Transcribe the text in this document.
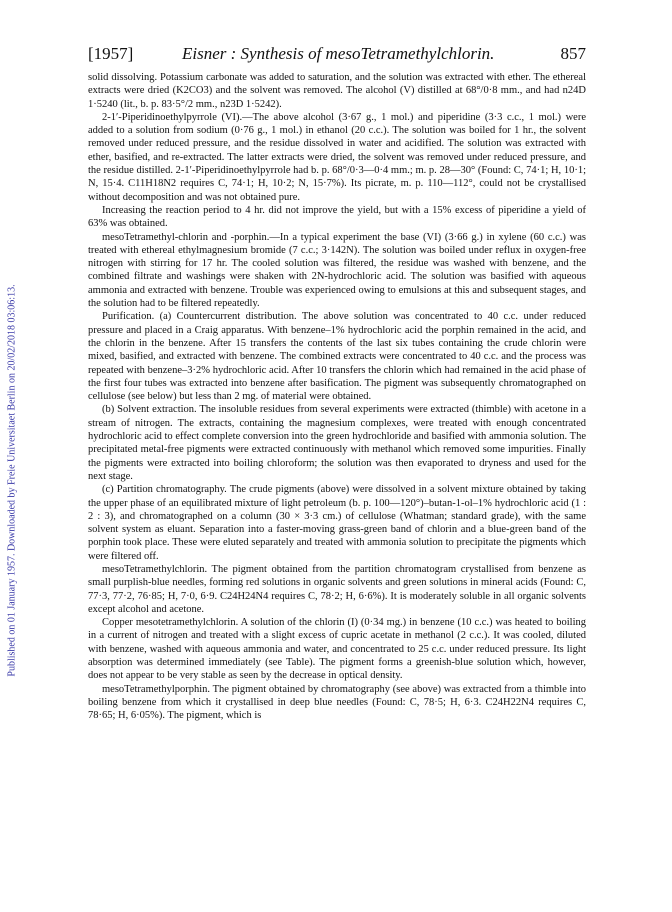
Published on 01 January 1957. Downloaded by Freie Universitaet Berlin on 20/02/2018 03:06:13.
[1957]	Eisner : Synthesis of mesoTetramethylchlorin.	857

solid dissolving. Potassium carbonate was added to saturation, and the solution was extracted with ether. The ethereal extracts were dried (K2CO3) and the solvent was removed. The alcohol (V) distilled at 68°/0·8 mm., and had n24D 1·5240 (lit., b. p. 83·5°/2 mm., n23D 1·5242).

2-1′-Piperidinoethylpyrrole (VI).—The above alcohol (3·67 g., 1 mol.) and piperidine (3·3 c.c., 1 mol.) were added to a solution from sodium (0·76 g., 1 mol.) in ethanol (20 c.c.). The solution was boiled for 1 hr., the solvent removed under reduced pressure, and the residue dissolved in water and acidified. The solution was extracted with ether, basified, and re-extracted. The latter extracts were dried, the solvent was removed under reduced pressure, and the residue distilled. 2-1′-Piperidinoethylpyrrole had b. p. 68°/0·3—0·4 mm.; m. p. 28—30° (Found: C, 74·1; H, 10·1; N, 15·4. C11H18N2 requires C, 74·1; H, 10·2; N, 15·7%). Its picrate, m. p. 110—112°, could not be crystallised without decomposition and was not obtained pure.

Increasing the reaction period to 4 hr. did not improve the yield, but with a 15% excess of piperidine a yield of 63% was obtained.

mesoTetramethyl-chlorin and -porphin.—In a typical experiment the base (VI) (3·66 g.) in xylene (60 c.c.) was treated with ethereal ethylmagnesium bromide (7 c.c.; 3·142N). The solution was boiled under reflux in oxygen-free nitrogen with stirring for 17 hr. The cooled solution was filtered, the residue was washed with benzene, and the combined filtrate and washings were shaken with 2N-hydrochloric acid. The solution was basified with aqueous ammonia and extracted with benzene. Trouble was experienced owing to emulsions at this and subsequent stages, and the solution had to be filtered repeatedly.

Purification. (a) Countercurrent distribution. The above solution was concentrated to 40 c.c. under reduced pressure and placed in a Craig apparatus. With benzene–1% hydrochloric acid the porphin remained in the acid, and the chlorin in the benzene. After 15 transfers the contents of the last six tubes containing the crude chlorin were mixed, basified, and extracted with benzene. The combined extracts were concentrated to 40 c.c. and the process was repeated with benzene–3·2% hydrochloric acid. After 10 transfers the chlorin which had remained in the acid phase of the first four tubes was extracted into benzene after basification. The pigment was subsequently chromatographed on cellulose (see below) but less than 2 mg. of material were obtained.

(b) Solvent extraction. The insoluble residues from several experiments were extracted (thimble) with acetone in a stream of nitrogen. The extracts, containing the magnesium complexes, were treated with enough concentrated hydrochloric acid to effect complete conversion into the green hydrochloride and basified with ammonia solution. The precipitated metal-free pigments were extracted continuously with methanol which removed some impurities. Finally the pigments were extracted into boiling chloroform; the solution was then evaporated to dryness and used for the next stage.

(c) Partition chromatography. The crude pigments (above) were dissolved in a solvent mixture obtained by taking the upper phase of an equilibrated mixture of light petroleum (b. p. 100—120°)–butan-1-ol–1% hydrochloric acid (1 : 2 : 3), and chromatographed on a column (30 × 3·3 cm.) of cellulose (Whatman; standard grade), with the same solvent system as eluant. Separation into a faster-moving grass-green band of chlorin and a blue-green band of the porphin took place. These were eluted separately and treated with ammonia solution to precipitate the pigments which were filtered off.

mesoTetramethylchlorin. The pigment obtained from the partition chromatogram crystallised from benzene as small purplish-blue needles, forming red solutions in organic solvents and green solutions in mineral acids (Found: C, 77·3, 77·2, 76·85; H, 7·0, 6·9. C24H24N4 requires C, 78·2; H, 6·6%). It is moderately soluble in all organic solvents except alcohol and acetone.

Copper mesotetramethylchlorin. A solution of the chlorin (I) (0·34 mg.) in benzene (10 c.c.) was heated to boiling in a current of nitrogen and treated with a slight excess of cupric acetate in methanol (2 c.c.). It was cooled, diluted with benzene, washed with aqueous ammonia and water, and concentrated to 25 c.c. under reduced pressure. Its light absorption was determined immediately (see Table). The pigment forms a greenish-blue solution which, however, does not appear to be very stable as seen by the decrease in optical density.

mesoTetramethylporphin. The pigment obtained by chromatography (see above) was extracted from a thimble into boiling benzene from which it crystallised in deep blue needles (Found: C, 78·5; H, 6·3. C24H22N4 requires C, 78·65; H, 6·05%). The pigment, which is
